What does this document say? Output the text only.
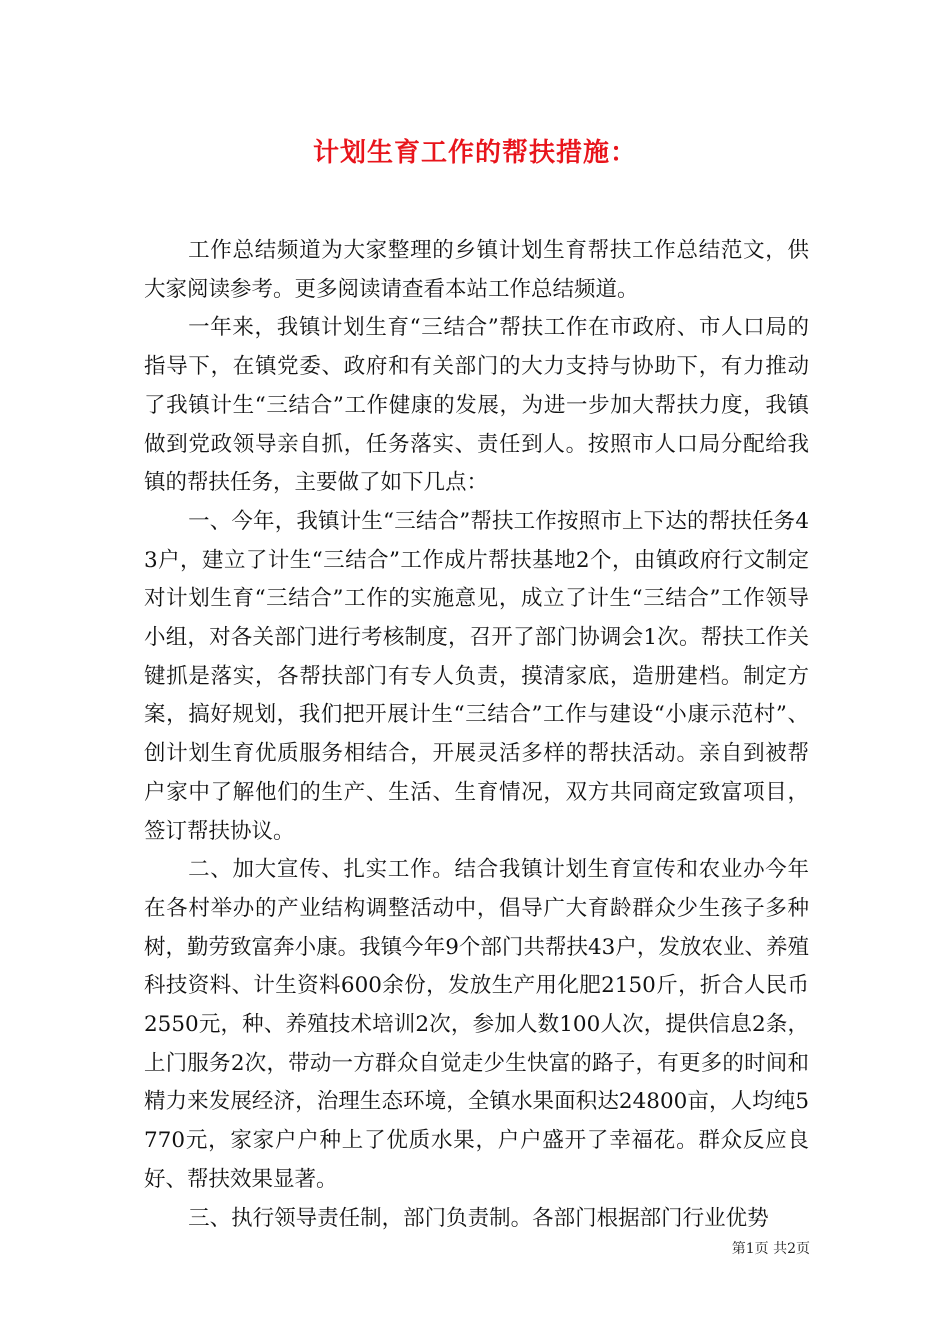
计划生育工作的帮扶措施：

工作总结频道为大家整理的乡镇计划生育帮扶工作总结范文，供大家阅读参考。更多阅读请查看本站工作总结频道。

一年来，我镇计划生育“三结合”帮扶工作在市政府、市人口局的指导下，在镇党委、政府和有关部门的大力支持与协助下，有力推动了我镇计生“三结合”工作健康的发展，为进一步加大帮扶力度，我镇做到党政领导亲自抓，任务落实、责任到人。按照市人口局分配给我镇的帮扶任务，主要做了如下几点：

一、今年，我镇计生“三结合”帮扶工作按照市上下达的帮扶任务43户，建立了计生“三结合”工作成片帮扶基地2个，由镇政府行文制定对计划生育“三结合”工作的实施意见，成立了计生“三结合”工作领导小组，对各关部门进行考核制度，召开了部门协调会1次。帮扶工作关键抓是落实，各帮扶部门有专人负责，摸清家底，造册建档。制定方案，搞好规划，我们把开展计生“三结合”工作与建设“小康示范村”、创计划生育优质服务相结合，开展灵活多样的帮扶活动。亲自到被帮户家中了解他们的生产、生活、生育情况，双方共同商定致富项目，签订帮扶协议。

二、加大宣传、扎实工作。结合我镇计划生育宣传和农业办今年在各村举办的产业结构调整活动中，倡导广大育龄群众少生孩子多种树，勤劳致富奔小康。我镇今年9个部门共帮扶43户，发放农业、养殖科技资料、计生资料600余份，发放生产用化肥2150斤，折合人民币2550元，种、养殖技术培训2次，参加人数100人次，提供信息2条，上门服务2次，带动一方群众自觉走少生快富的路子，有更多的时间和精力来发展经济，治理生态环境，全镇水果面积达24800亩，人均纯5770元，家家户户种上了优质水果，户户盛开了幸福花。群众反应良好、帮扶效果显著。

三、执行领导责任制，部门负责制。各部门根据部门行业优势

第1页 共2页
